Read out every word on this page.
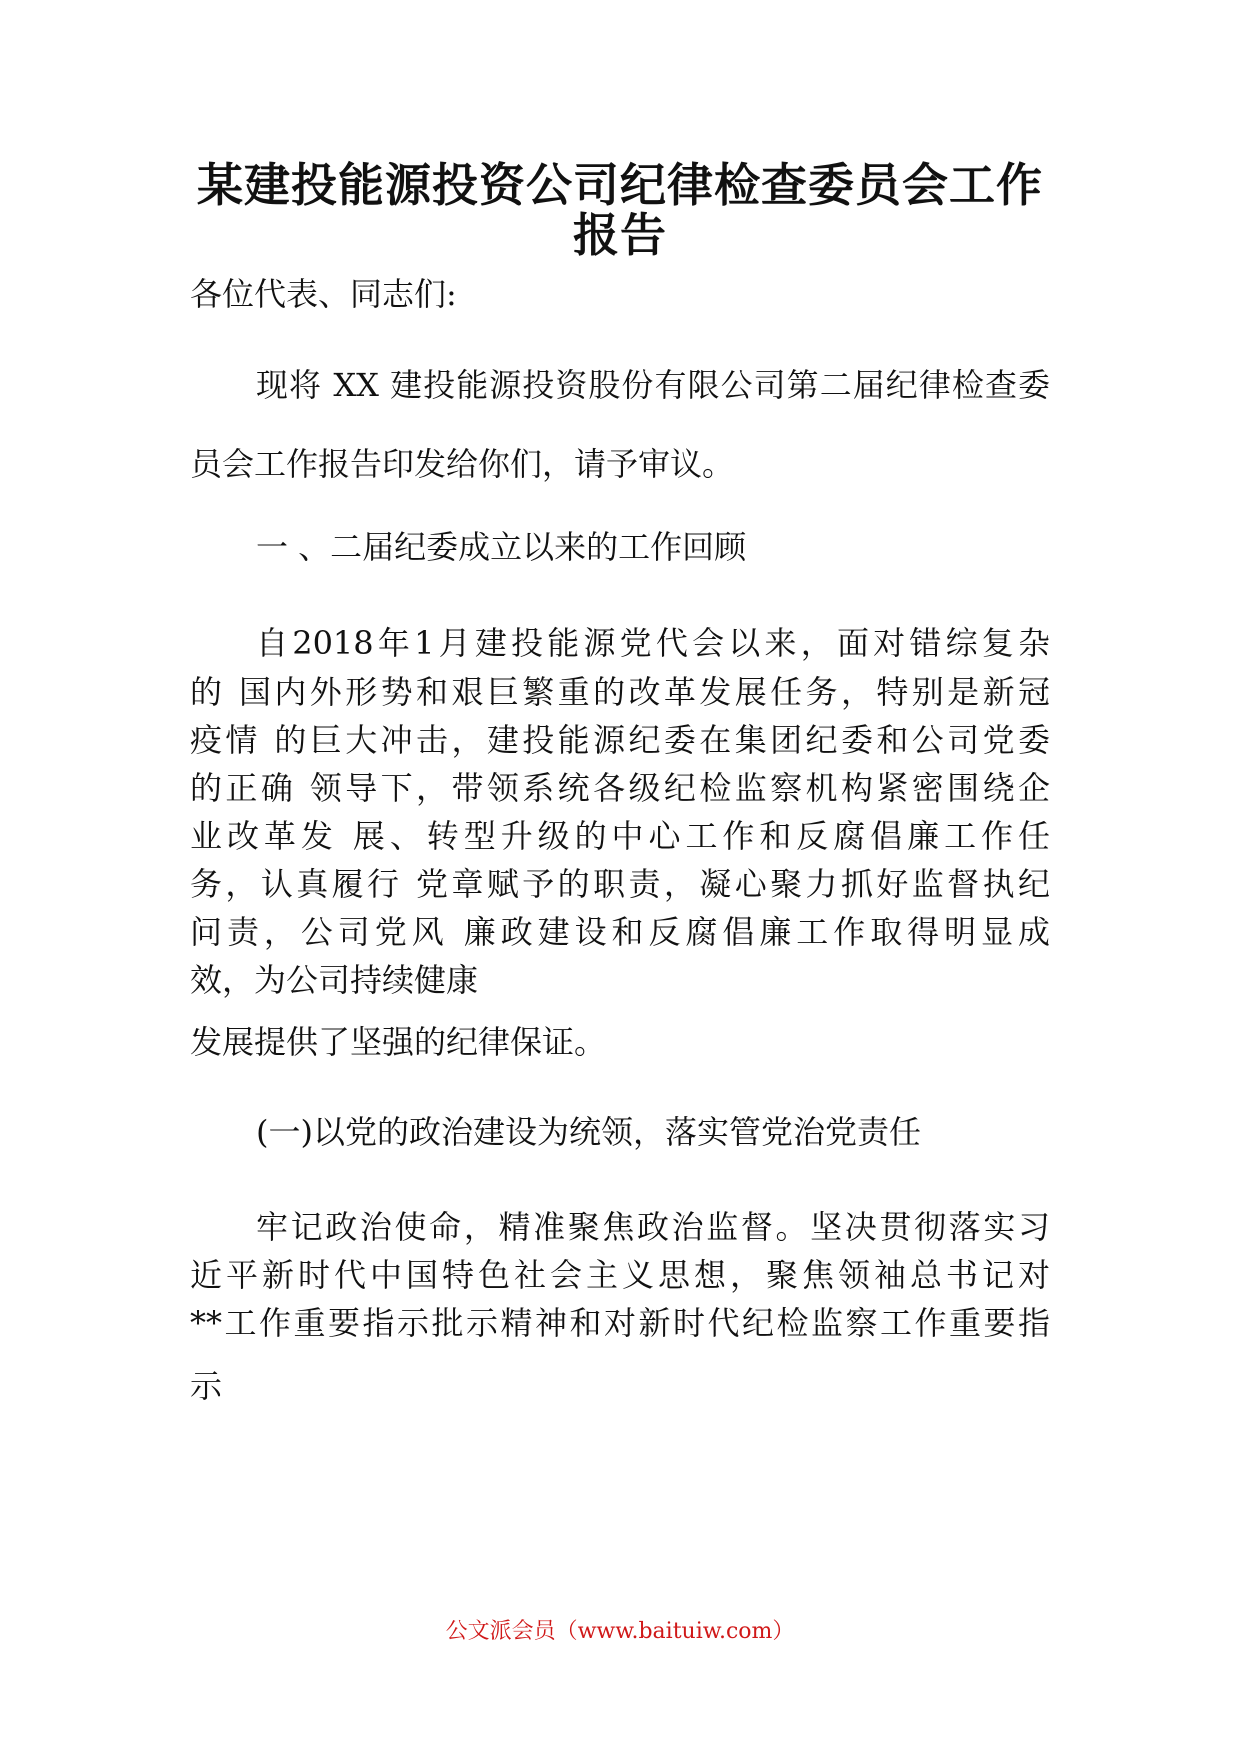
某建投能源投资公司纪律检查委员会工作
报告

各位代表、同志们:

现将 XX 建投能源投资股份有限公司第二届纪律检查委

员会工作报告印发给你们，请予审议。

一 、二届纪委成立以来的工作回顾

自2018年1月建投能源党代会以来，面对错综复杂

的 国内外形势和艰巨繁重的改革发展任务，特别是新冠

疫情 的巨大冲击，建投能源纪委在集团纪委和公司党委

的正确 领导下，带领系统各级纪检监察机构紧密围绕企

业改革发 展、转型升级的中心工作和反腐倡廉工作任

务，认真履行 党章赋予的职责，凝心聚力抓好监督执纪

问责，公司党风 廉政建设和反腐倡廉工作取得明显成

效，为公司持续健康

发展提供了坚强的纪律保证。

(一)以党的政治建设为统领，落实管党治党责任

牢记政治使命，精准聚焦政治监督。坚决贯彻落实习

近平新时代中国特色社会主义思想，聚焦领袖总书记对

**工作重要指示批示精神和对新时代纪检监察工作重要指

示

公文派会员（www.baituiw.com）
